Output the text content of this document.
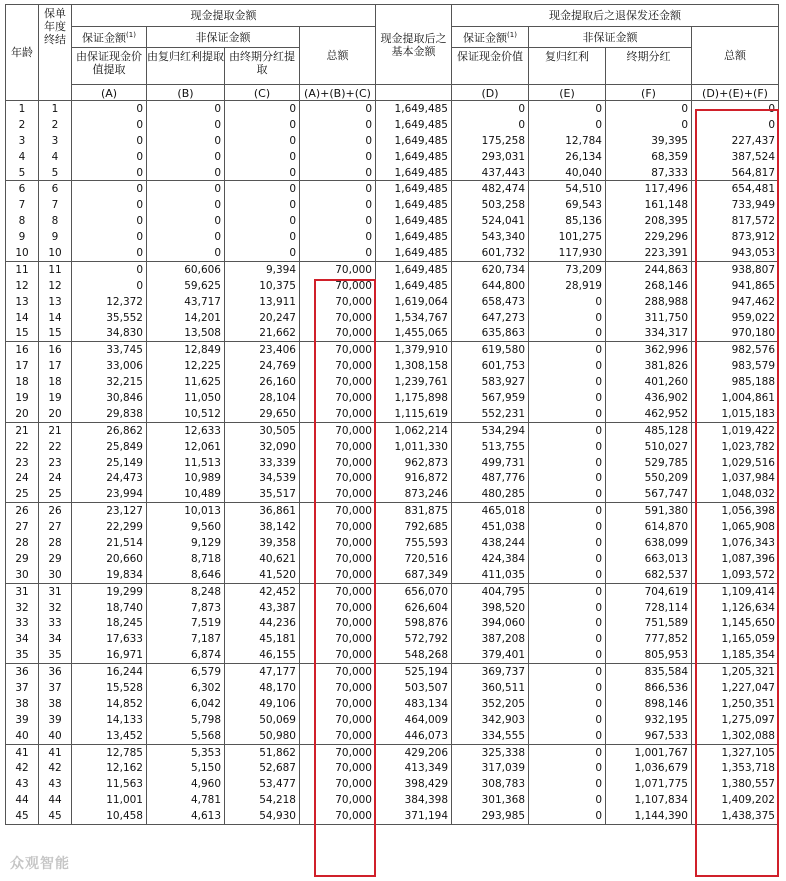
年龄	保单年度终结	现金提取金额				现金提取后之基本金额	现金提取后之退保发还金额			
		保证金额$^{(1)}$	非保证金额		总额		保证金额$^{(1)}$	非保证金额		总额
		由保证现金价值提取	由复归红利提取	由终期分红提取			保证现金价值	复归红利	终期分红	
		(A)	(B)	(C)	(A)+(B)+(C)		(D)	(E)	(F)	(D)+(E)+(F)
1	1	0	0	0	0	1,649,485	0	0	0	0
2	2	0	0	0	0	1,649,485	0	0	0	0
3	3	0	0	0	0	1,649,485	175,258	12,784	39,395	227,437
4	4	0	0	0	0	1,649,485	293,031	26,134	68,359	387,524
5	5	0	0	0	0	1,649,485	437,443	40,040	87,333	564,817
6	6	0	0	0	0	1,649,485	482,474	54,510	117,496	654,481
7	7	0	0	0	0	1,649,485	503,258	69,543	161,148	733,949
8	8	0	0	0	0	1,649,485	524,041	85,136	208,395	817,572
9	9	0	0	0	0	1,649,485	543,340	101,275	229,296	873,912
10	10	0	0	0	0	1,649,485	601,732	117,930	223,391	943,053
11	11	0	60,606	9,394	70,000	1,649,485	620,734	73,209	244,863	938,807
12	12	0	59,625	10,375	70,000	1,649,485	644,800	28,919	268,146	941,865
13	13	12,372	43,717	13,911	70,000	1,619,064	658,473	0	288,988	947,462
14	14	35,552	14,201	20,247	70,000	1,534,767	647,273	0	311,750	959,022
15	15	34,830	13,508	21,662	70,000	1,455,065	635,863	0	334,317	970,180
16	16	33,745	12,849	23,406	70,000	1,379,910	619,580	0	362,996	982,576
17	17	33,006	12,225	24,769	70,000	1,308,158	601,753	0	381,826	983,579
18	18	32,215	11,625	26,160	70,000	1,239,761	583,927	0	401,260	985,188
19	19	30,846	11,050	28,104	70,000	1,175,898	567,959	0	436,902	1,004,861
20	20	29,838	10,512	29,650	70,000	1,115,619	552,231	0	462,952	1,015,183
21	21	26,862	12,633	30,505	70,000	1,062,214	534,294	0	485,128	1,019,422
22	22	25,849	12,061	32,090	70,000	1,011,330	513,755	0	510,027	1,023,782
23	23	25,149	11,513	33,339	70,000	962,873	499,731	0	529,785	1,029,516
24	24	24,473	10,989	34,539	70,000	916,872	487,776	0	550,209	1,037,984
25	25	23,994	10,489	35,517	70,000	873,246	480,285	0	567,747	1,048,032
26	26	23,127	10,013	36,861	70,000	831,875	465,018	0	591,380	1,056,398
27	27	22,299	9,560	38,142	70,000	792,685	451,038	0	614,870	1,065,908
28	28	21,514	9,129	39,358	70,000	755,593	438,244	0	638,099	1,076,343
29	29	20,660	8,718	40,621	70,000	720,516	424,384	0	663,013	1,087,396
30	30	19,834	8,646	41,520	70,000	687,349	411,035	0	682,537	1,093,572
31	31	19,299	8,248	42,452	70,000	656,070	404,795	0	704,619	1,109,414
32	32	18,740	7,873	43,387	70,000	626,604	398,520	0	728,114	1,126,634
33	33	18,245	7,519	44,236	70,000	598,876	394,060	0	751,589	1,145,650
34	34	17,633	7,187	45,181	70,000	572,792	387,208	0	777,852	1,165,059
35	35	16,971	6,874	46,155	70,000	548,268	379,401	0	805,953	1,185,354
36	36	16,244	6,579	47,177	70,000	525,194	369,737	0	835,584	1,205,321
37	37	15,528	6,302	48,170	70,000	503,507	360,511	0	866,536	1,227,047
38	38	14,852	6,042	49,106	70,000	483,134	352,205	0	898,146	1,250,351
39	39	14,133	5,798	50,069	70,000	464,009	342,903	0	932,195	1,275,097
40	40	13,452	5,568	50,980	70,000	446,073	334,555	0	967,533	1,302,088
41	41	12,785	5,353	51,862	70,000	429,206	325,338	0	1,001,767	1,327,105
42	42	12,162	5,150	52,687	70,000	413,349	317,039	0	1,036,679	1,353,718
43	43	11,563	4,960	53,477	70,000	398,429	308,783	0	1,071,775	1,380,557
44	44	11,001	4,781	54,218	70,000	384,398	301,368	0	1,107,834	1,409,202
45	45	10,458	4,613	54,930	70,000	371,194	293,985	0	1,144,390	1,438,375
众观智能
